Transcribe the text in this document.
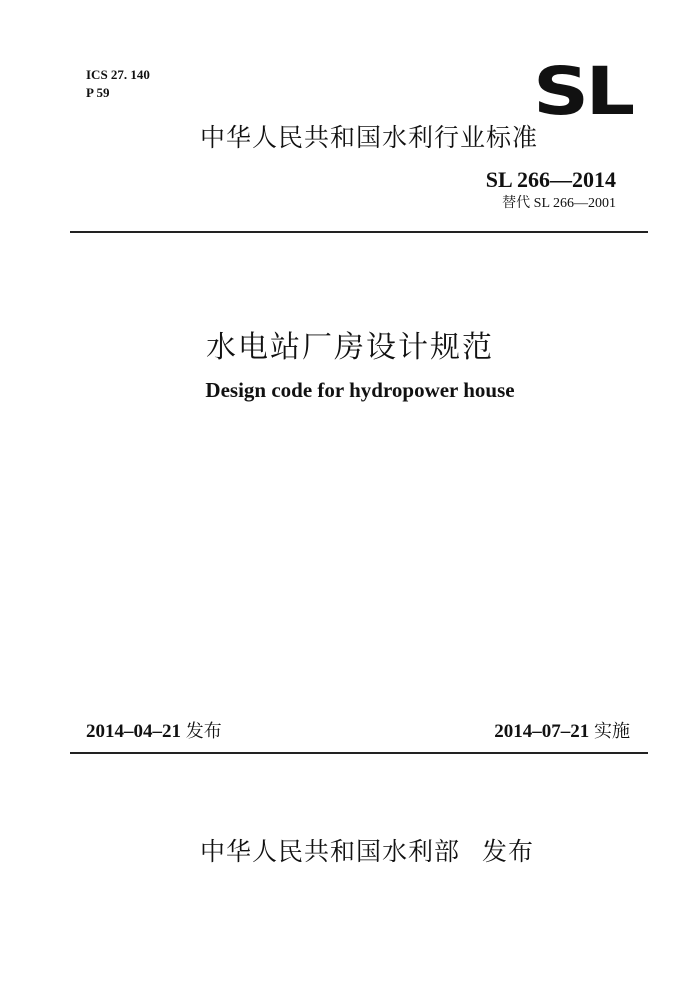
ICS 27. 140
P 59	SL
中华人民共和国水利行业标准
SL 266—2014
替代 SL 266—2001
水电站厂房设计规范
Design code for hydropower house
2014–04–21 发布	2014–07–21 实施
中华人民共和国水利部 发布
